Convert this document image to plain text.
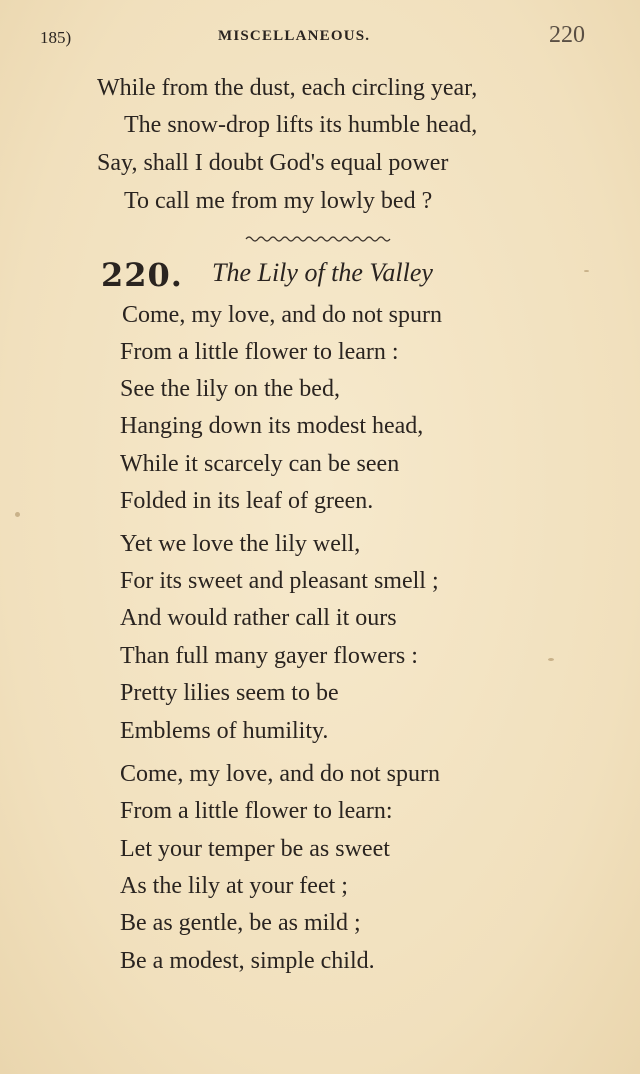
185)	MISCELLANEOUS.	220
While from the dust, each circling year,
The snow-drop lifts its humble head,
Say, shall I doubt God's equal power
To call me from my lowly bed ?
220. The Lily of the Valley
Come, my love, and do not spurn
From a little flower to learn :
See the lily on the bed,
Hanging down its modest head,
While it scarcely can be seen
Folded in its leaf of green.
Yet we love the lily well,
For its sweet and pleasant smell ;
And would rather call it ours
Than full many gayer flowers :
Pretty lilies seem to be
Emblems of humility.
Come, my love, and do not spurn
From a little flower to learn:
Let your temper be as sweet
As the lily at your feet ;
Be as gentle, be as mild ;
Be a modest, simple child.
